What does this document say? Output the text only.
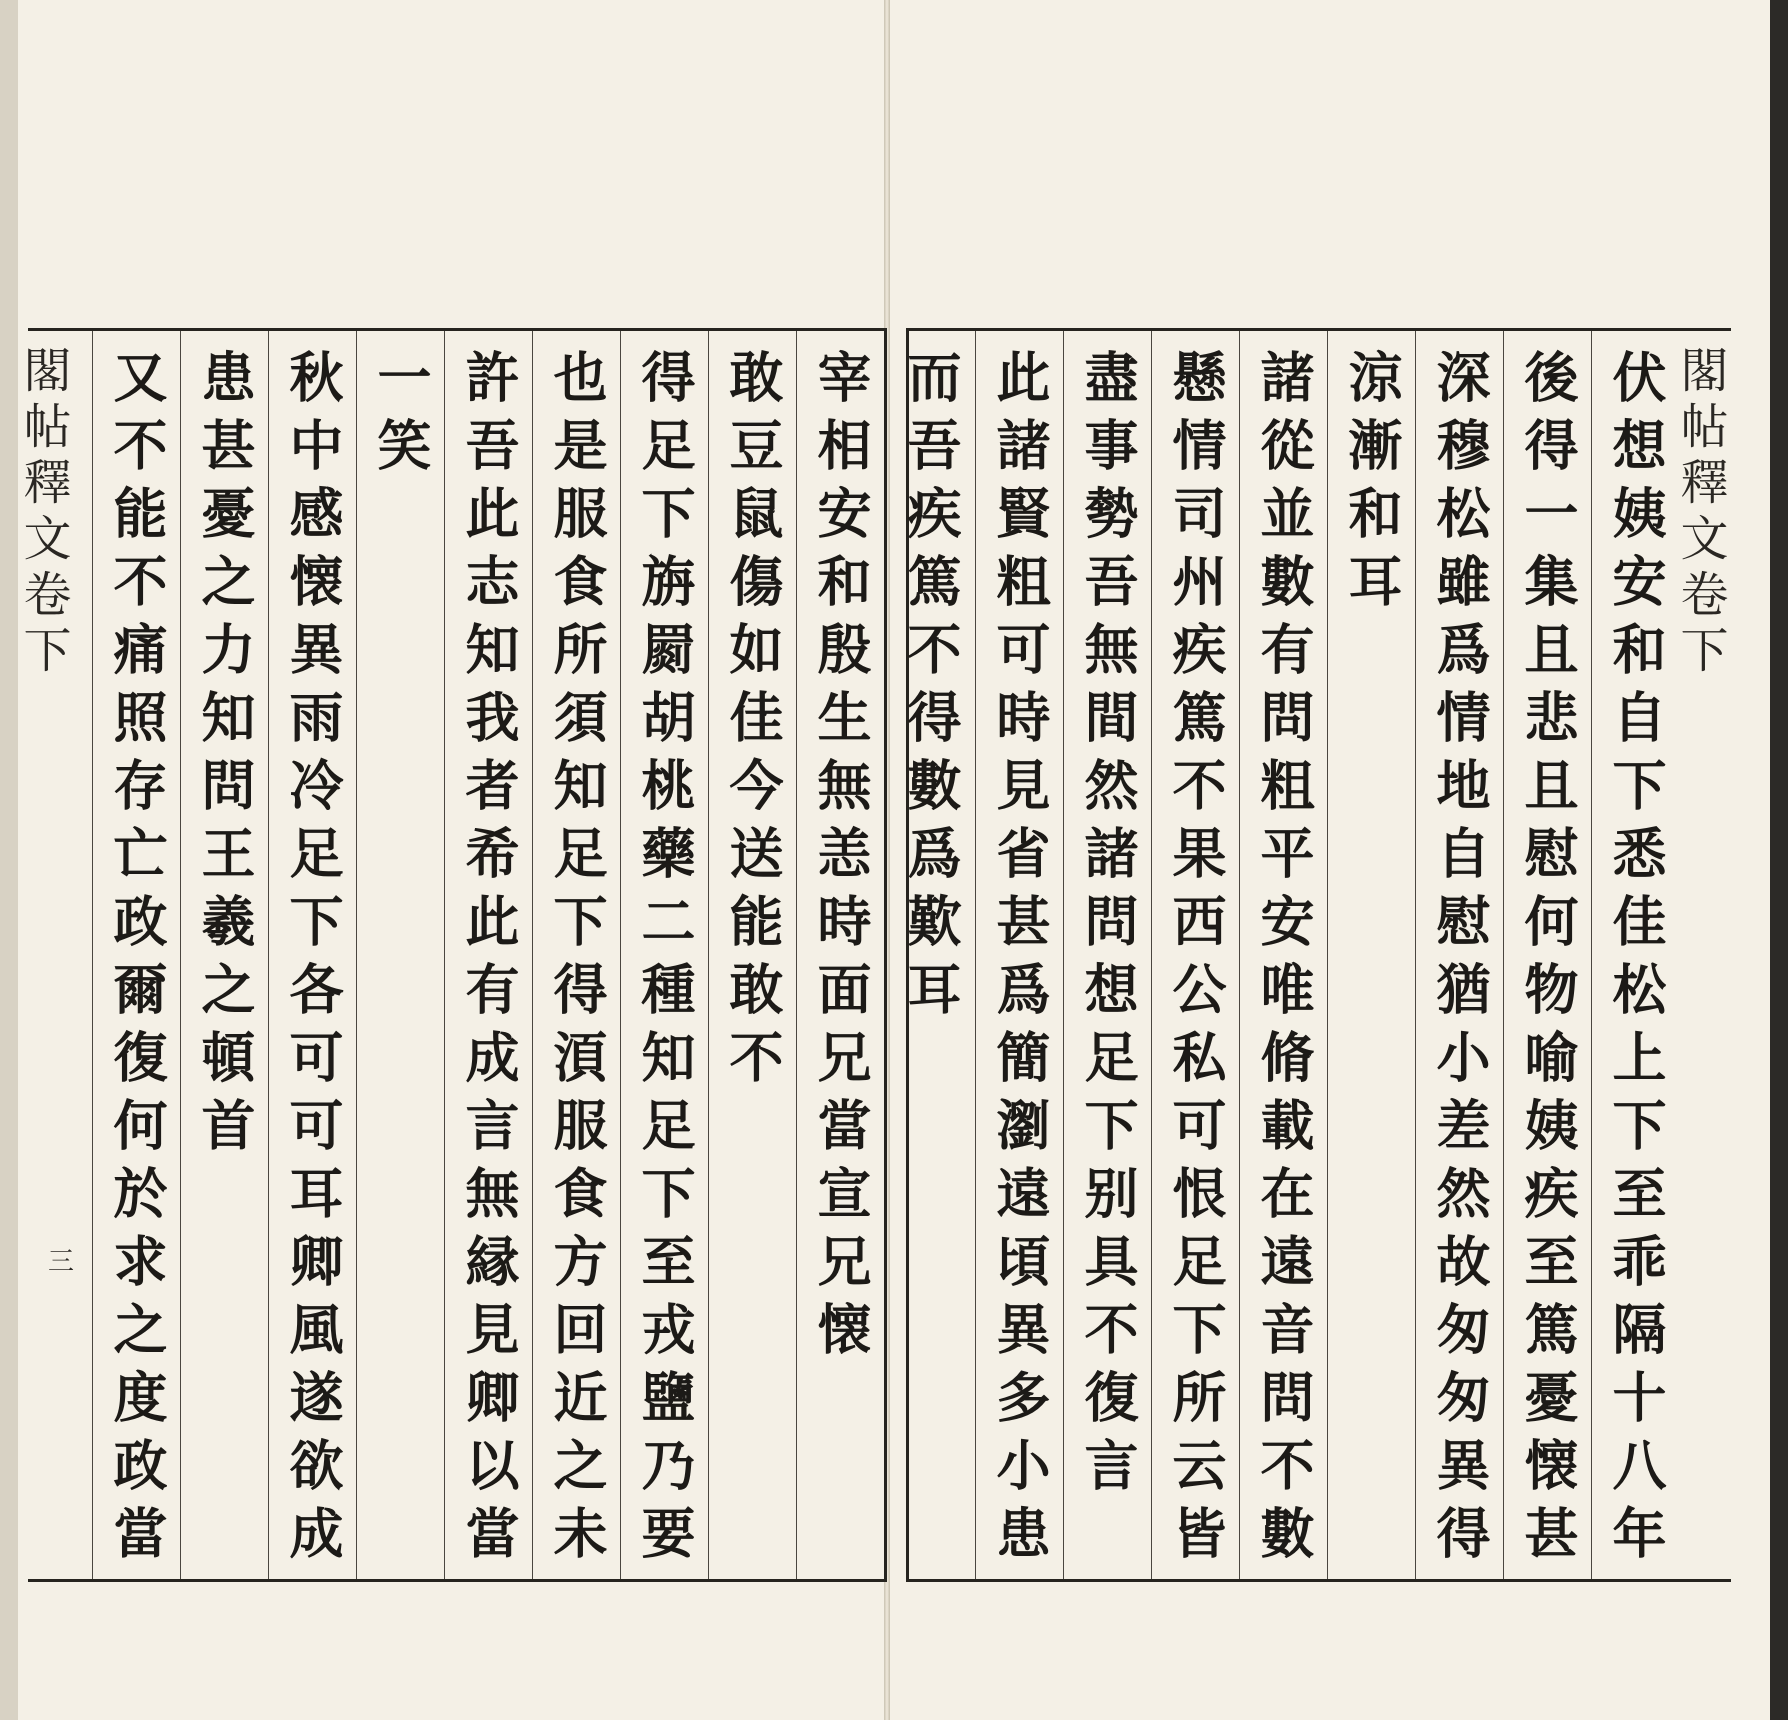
閣帖釋文卷下
伏想姨安和自下悉佳松上下至乖隔十八年
後得一集且悲且慰何物喻姨疾至篤憂懐甚
深穆松雖爲情地自慰猶小差然故匆匆異得
涼漸和耳
諸從並數有問粗平安唯脩載在遠音問不數
懸情司州疾篤不果西公私可恨足下所云皆
盡事勢吾無間然諸問想足下别具不復言
此諸賢粗可時見省甚爲簡瀏遠頃異多小患
而吾疾篤不得數爲歎耳
宰相安和殷生無恙時面兄當宣兄懐
敢豆鼠傷如佳今送能敢不
得足下旃罽胡桃藥二種知足下至戎鹽乃要
也是服食所須知足下得湏服食方回近之未
許吾此志知我者希此有成言無縁見卿以當
一笑
秋中感懐異雨冷足下各可可耳卿風遂欲成
患甚憂之力知問王羲之頓首
又不能不痛照存亡政爾復何於求之度政當
閣帖釋文卷下
三
